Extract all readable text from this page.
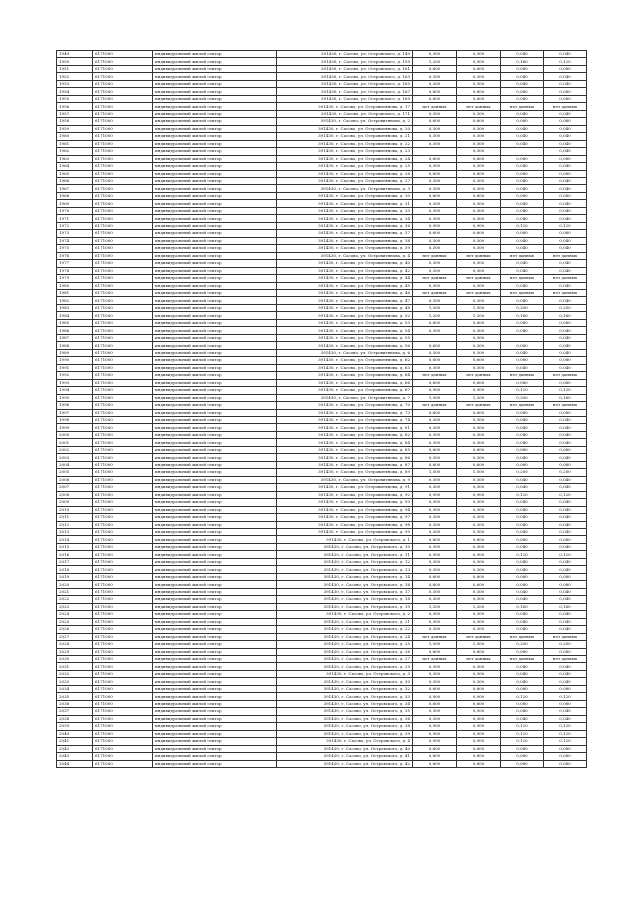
1949	6171000	индивидуальный жилой сектор	391430, г. Сасово, ул. Островского, д. 149	0,300	0,300	0,040	0,040
1950	6171000	индивидуальный жилой сектор	391430, г. Сасово, ул. Островского, д. 159	1,200	0,900	0,160	0,120
1951	6171000	индивидуальный жилой сектор	391430, г. Сасово, ул. Островского, д. 161	0,600	0,600	0,080	0,080
1952	6171000	индивидуальный жилой сектор	391430, г. Сасово, ул. Островского, д. 163	0,300	0,300	0,040	0,040
1953	6171000	индивидуальный жилой сектор	391430, г. Сасово, ул. Островского, д. 165	0,300	0,300	0,040	0,040
1954	6171000	индивидуальный жилой сектор	391430, г. Сасово, ул. Островского, д. 167	0,600	0,600	0,080	0,080
1955	6171000	индивидуальный жилой сектор	391430, г. Сасово, ул. Островского, д. 169	0,600	0,600	0,080	0,080
1956	6171000	индивидуальный жилой сектор	391430, г. Сасово, ул. Островитянова, д. 17	нет данных	нет данных	нет данных	нет данных
1957	6171000	индивидуальный жилой сектор	391430, г. Сасово, ул. Островского, д. 171	0,300	0,300	0,040	0,040
1958	6171000	индивидуальный жилой сектор	391430, г. Сасово, ул. Островитянова, д. 2	0,600	0,600	0,080	0,080
1959	6171000	индивидуальный жилой сектор	391430, г. Сасово, ул. Островитянова, д. 20	0,300	0,300	0,040	0,040
1960	6171000	индивидуальный жилой сектор	391430, г. Сасово, ул. Островитянова, д. 21	0,300	0,300	0,040	0,040
1961	6171000	индивидуальный жилой сектор	391430, г. Сасово, ул. Островитянова, д. 22	0,300	0,300	0,040	0,040
1962	6171000	индивидуальный жилой сектор	391430, г. Сасово, ул. Островитянова, д. 23		0,300		0,040
1963	6171000	индивидуальный жилой сектор	391430, г. Сасово, ул. Островитянова, д. 24	0,600	0,600	0,080	0,080
1964	6171000	индивидуальный жилой сектор	391430, г. Сасово, ул. Островитянова, д. 25	0,300	0,300	0,040	0,040
1965	6171000	индивидуальный жилой сектор	391430, г. Сасово, ул. Островитянова, д. 26	0,600	0,600	0,080	0,080
1966	6171000	индивидуальный жилой сектор	391430, г. Сасово, ул. Островитянова, д. 27	0,300	0,300	0,040	0,040
1967	6171000	индивидуальный жилой сектор	391430, г. Сасово, ул. Островитянова, д. 3	0,300	0,300	0,040	0,040
1968	6171000	индивидуальный жилой сектор	391430, г. Сасово, ул. Островитянова, д. 30	0,600	0,600	0,080	0,080
1969	6171000	индивидуальный жилой сектор	391430, г. Сасово, ул. Островитянова, д. 31	0,300	0,300	0,040	0,040
1970	6171000	индивидуальный жилой сектор	391430, г. Сасово, ул. Островитянова, д. 33	0,300	0,300	0,040	0,040
1971	6171000	индивидуальный жилой сектор	391430, г. Сасово, ул. Островитянова, д. 34	0,300	0,300	0,040	0,040
1972	6171000	индивидуальный жилой сектор	391430, г. Сасово, ул. Островитянова, д. 36	0,900	0,900	0,120	0,120
1973	6171000	индивидуальный жилой сектор	391430, г. Сасово, ул. Островитянова, д. 37	0,600	0,600	0,080	0,080
1974	6171000	индивидуальный жилой сектор	391430, г. Сасово, ул. Островитянова, д. 38	0,300	0,300	0,040	0,040
1975	6171000	индивидуальный жилой сектор	391430, г. Сасово, ул. Островитянова, д. 39	0,300	0,300	0,040	0,040
1976	6171000	индивидуальный жилой сектор	391430, г. Сасово, ул. Островитянова, д. 4	нет данных	нет данных	нет данных	нет данных
1977	6171000	индивидуальный жилой сектор	391430, г. Сасово, ул. Островитянова, д. 40	0,300	0,300	0,040	0,040
1978	6171000	индивидуальный жилой сектор	391430, г. Сасово, ул. Островитянова, д. 42	0,300	0,300	0,040	0,040
1979	6171000	индивидуальный жилой сектор	391430, г. Сасово, ул. Островитянова, д. 44	нет данных	нет данных	нет данных	нет данных
1980	6171000	индивидуальный жилой сектор	391430, г. Сасово, ул. Островитянова, д. 45	0,300	0,300	0,040	0,040
1981	6171000	индивидуальный жилой сектор	391430, г. Сасово, ул. Островитянова, д. 46	нет данных	нет данных	нет данных	нет данных
1982	6171000	индивидуальный жилой сектор	391430, г. Сасово, ул. Островитянова, д. 47	0,300	0,300	0,040	0,040
1983	6171000	индивидуальный жилой сектор	391430, г. Сасово, ул. Островитянова, д. 48	1,500	1,500	0,200	0,200
1984	6171000	индивидуальный жилой сектор	391430, г. Сасово, ул. Островитянова, д. 52	1,200	1,200	0,160	0,160
1985	6171000	индивидуальный жилой сектор	391430, г. Сасово, ул. Островитянова, д. 53	0,600	0,600	0,080	0,080
1986	6171000	индивидуальный жилой сектор	391430, г. Сасово, ул. Островитянова, д. 54	0,300	0,300	0,040	0,040
1987	6171000	индивидуальный жилой сектор	391430, г. Сасово, ул. Островитянова, д. 55		0,300		0,040
1988	6171000	индивидуальный жилой сектор	391430, г. Сасово, ул. Островитянова, д. 56	0,600	0,300	0,080	0,040
1989	6171000	индивидуальный жилой сектор	391430, г. Сасово, ул. Островитянова, д. 6	0,300	0,300	0,040	0,040
1990	6171000	индивидуальный жилой сектор	391430, г. Сасово, ул. Островитянова, д. 62	0,600	0,600	0,080	0,080
1991	6171000	индивидуальный жилой сектор	391430, г. Сасово, ул. Островитянова, д. 63	0,300	0,300	0,040	0,040
1992	6171000	индивидуальный жилой сектор	391430, г. Сасово, ул. Островитянова, д. 64	нет данных	нет данных	нет данных	нет данных
1993	6171000	индивидуальный жилой сектор	391430, г. Сасово, ул. Островитянова, д. 66	0,600	0,600	0,080	0,080
1994	6171000	индивидуальный жилой сектор	391430, г. Сасово, ул. Островитянова, д. 67	0,900	0,900	0,120	0,120
1995	6171000	индивидуальный жилой сектор	391430, г. Сасово, ул. Островитянова, д. 7	1,500	1,200	0,200	0,160
1996	6171000	индивидуальный жилой сектор	391430, г. Сасово, ул. Островитянова, д. 70	нет данных	нет данных	нет данных	нет данных
1997	6171000	индивидуальный жилой сектор	391430, г. Сасово, ул. Островитянова, д. 73	0,600	0,600	0,080	0,080
1998	6171000	индивидуальный жилой сектор	391430, г. Сасово, ул. Островитянова, д. 74	0,300	0,300	0,040	0,040
1999	6171000	индивидуальный жилой сектор	391430, г. Сасово, ул. Островитянова, д. 81	0,300	0,300	0,040	0,040
2000	6171000	индивидуальный жилой сектор	391430, г. Сасово, ул. Островитянова, д. 82	0,300	0,300	0,040	0,040
2001	6171000	индивидуальный жилой сектор	391430, г. Сасово, ул. Островитянова, д. 84	0,300	0,300	0,040	0,040
2002	6171000	индивидуальный жилой сектор	391430, г. Сасово, ул. Островитянова, д. 85	0,600	0,600	0,080	0,080
2003	6171000	индивидуальный жилой сектор	391430, г. Сасово, ул. Островитянова, д. 86	0,300	0,300	0,040	0,040
2004	6171000	индивидуальный жилой сектор	391430, г. Сасово, ул. Островитянова, д. 87	0,600	0,600	0,080	0,080
2005	6171000	индивидуальный жилой сектор	391430, г. Сасово, ул. Островитянова, д. 89	1,500	1,500	0,200	0,200
2006	6171000	индивидуальный жилой сектор	391430, г. Сасово, ул. Островитянова, д. 9	0,300	0,300	0,040	0,040
2007	6171000	индивидуальный жилой сектор	391430, г. Сасово, ул. Островитянова, д. 91	0,300	0,300	0,040	0,040
2008	6171000	индивидуальный жилой сектор	391430, г. Сасово, ул. Островитянова, д. 92	0,900	0,900	0,120	0,120
2009	6171000	индивидуальный жилой сектор	391430, г. Сасово, ул. Островитянова, д. 93	0,300	0,300	0,040	0,040
2010	6171000	индивидуальный жилой сектор	391430, г. Сасово, ул. Островитянова, д. 94	0,300	0,300	0,040	0,040
2011	6171000	индивидуальный жилой сектор	391430, г. Сасово, ул. Островитянова, д. 97	0,300	0,300	0,040	0,040
2012	6171000	индивидуальный жилой сектор	391430, г. Сасово, ул. Островитянова, д. 98	0,300	0,300	0,040	0,040
2013	6171000	индивидуальный жилой сектор	391430, г. Сасово, ул. Островитянова, д. 99	0,300	0,300	0,040	0,040
2014	6171000	индивидуальный жилой сектор	391430, г. Сасово, ул. Островского, д. 1	0,600	0,600	0,080	0,080
2015	6171000	индивидуальный жилой сектор	391430, г. Сасово, ул. Островского, д. 10	0,300	0,300	0,040	0,040
2016	6171000	индивидуальный жилой сектор	391430, г. Сасово, ул. Островского, д. 11	0,900	0,900	0,120	0,120
2017	6171000	индивидуальный жилой сектор	391430, г. Сасово, ул. Островского, д. 12	0,300	0,300	0,040	0,040
2018	6171000	индивидуальный жилой сектор	391430, г. Сасово, ул. Островского, д. 13	0,300	0,300	0,040	0,040
2019	6171000	индивидуальный жилой сектор	391430, г. Сасово, ул. Островского, д. 14	0,600	0,600	0,080	0,080
2020	6171000	индивидуальный жилой сектор	391430, г. Сасово, ул. Островского, д. 16	0,600	0,600	0,080	0,080
2021	6171000	индивидуальный жилой сектор	391430, г. Сасово, ул. Островского, д. 17	0,300	0,300	0,040	0,040
2022	6171000	индивидуальный жилой сектор	391430, г. Сасово, ул. Островского, д. 18	0,300	0,300	0,040	0,040
2023	6171000	индивидуальный жилой сектор	391430, г. Сасово, ул. Островского, д. 19	1,200	1,200	0,160	0,160
2024	6171000	индивидуальный жилой сектор	391430, г. Сасово, ул. Островского, д. 2	0,300	0,300	0,040	0,040
2025	6171000	индивидуальный жилой сектор	391430, г. Сасово, ул. Островского, д. 21	0,300	0,300	0,040	0,040
2026	6171000	индивидуальный жилой сектор	391430, г. Сасово, ул. Островского, д. 22	0,300	0,300	0,040	0,040
2027	6171000	индивидуальный жилой сектор	391430, г. Сасово, ул. Островского, д. 24	нет данных	нет данных	нет данных	нет данных
2028	6171000	индивидуальный жилой сектор	391430, г. Сасово, ул. Островского, д. 25	1,500	1,500	0,200	0,200
2029	6171000	индивидуальный жилой сектор	391430, г. Сасово, ул. Островского, д. 26	0,600	0,600	0,080	0,080
2030	6171000	индивидуальный жилой сектор	391430, г. Сасово, ул. Островского, д. 27	нет данных	нет данных	нет данных	нет данных
2031	6171000	индивидуальный жилой сектор	391430, г. Сасово, ул. Островского, д. 29	0,300	0,300	0,040	0,040
2032	6171000	индивидуальный жилой сектор	391430, г. Сасово, ул. Островского, д. 3	0,300	0,300	0,040	0,040
2033	6171000	индивидуальный жилой сектор	391430, г. Сасово, ул. Островского, д. 30	0,300	0,300	0,040	0,040
2034	6171000	индивидуальный жилой сектор	391430, г. Сасово, ул. Островского, д. 32	0,600	0,600	0,080	0,080
2035	6171000	индивидуальный жилой сектор	391430, г. Сасово, ул. Островского, д. 33	0,900	0,900	0,120	0,120
2036	6171000	индивидуальный жилой сектор	391430, г. Сасово, ул. Островского, д. 34	0,600	0,600	0,080	0,080
2037	6171000	индивидуальный жилой сектор	391430, г. Сасово, ул. Островского, д. 35	0,300	0,300	0,040	0,040
2038	6171000	индивидуальный жилой сектор	391430, г. Сасово, ул. Островского, д. 36	0,300	0,300	0,040	0,040
2039	6171000	индивидуальный жилой сектор	391430, г. Сасово, ул. Островского, д. 38	0,900	0,900	0,120	0,120
2040	6171000	индивидуальный жилой сектор	391430, г. Сасово, ул. Островского, д. 39	0,900	0,900	0,120	0,120
2041	6171000	индивидуальный жилой сектор	391430, г. Сасово, ул. Островского, д. 4	0,900	0,900	0,120	0,120
2042	6171000	индивидуальный жилой сектор	391430, г. Сасово, ул. Островского, д. 40	0,600	0,600	0,080	0,080
2043	6171000	индивидуальный жилой сектор	391430, г. Сасово, ул. Островского, д. 41	0,600	0,600	0,080	0,080
2044	6171000	индивидуальный жилой сектор	391430, г. Сасово, ул. Островского, д. 42	0,600	0,600	0,080	0,080
